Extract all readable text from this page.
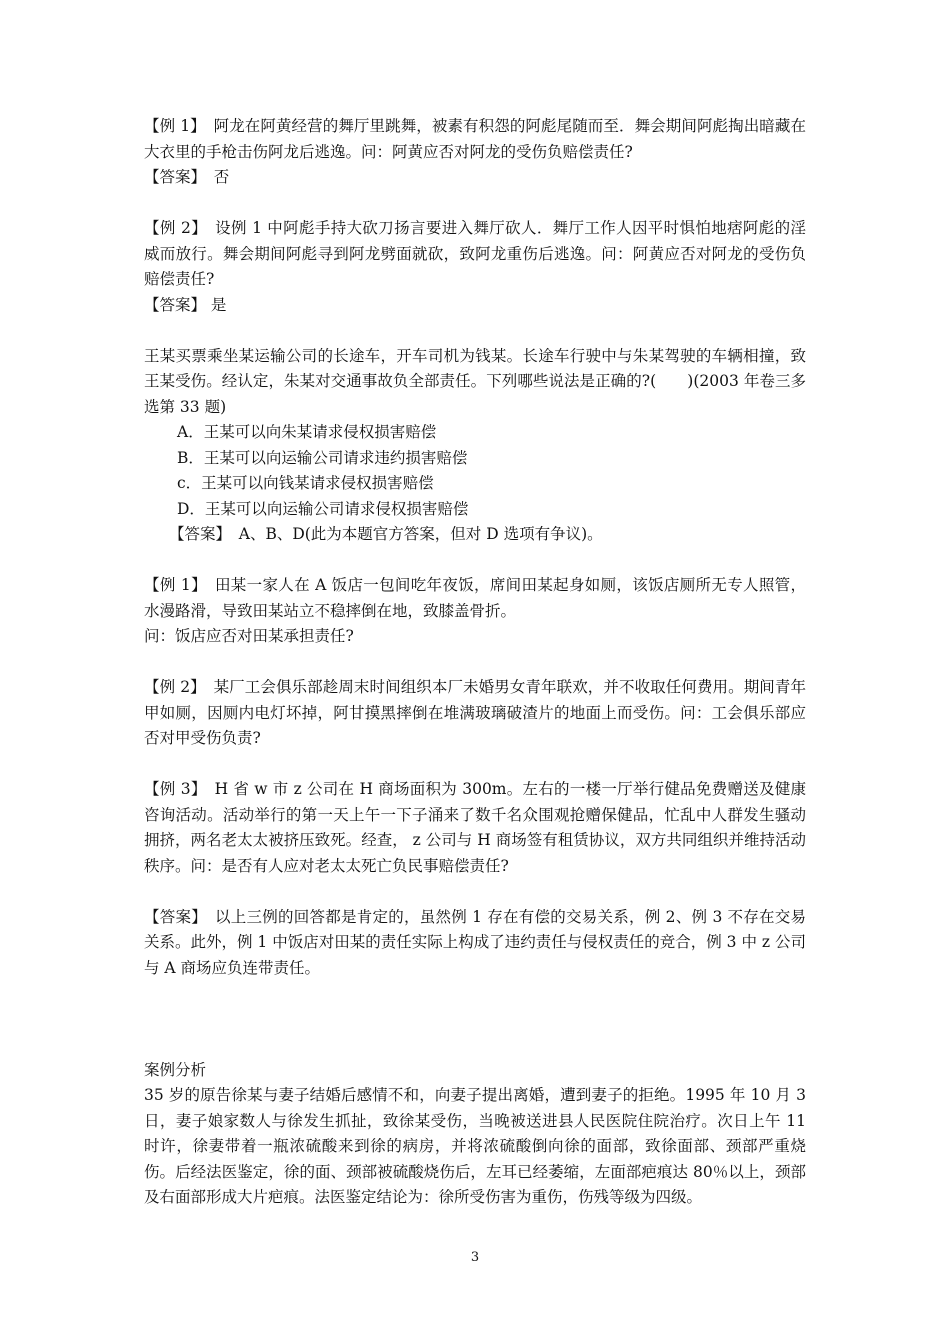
【例 1】　阿龙在阿黄经营的舞厅里跳舞，被素有积怨的阿彪尾随而至．舞会期间阿彪掏出暗藏在大衣里的手枪击伤阿龙后逃逸。问：阿黄应否对阿龙的受伤负赔偿责任?

【答案】　否

【例 2】　设例 1 中阿彪手持大砍刀扬言要进入舞厅砍人．舞厅工作人因平时惧怕地痞阿彪的淫威而放行。舞会期间阿彪寻到阿龙劈面就砍，致阿龙重伤后逃逸。问：阿黄应否对阿龙的受伤负赔偿责任?

【答案】 是

王某买票乘坐某运输公司的长途车，开车司机为钱某。长途车行驶中与朱某驾驶的车辆相撞，致王某受伤。经认定，朱某对交通事故负全部责任。下列哪些说法是正确的?(　　)(2003 年卷三多选第 33 题)

A．王某可以向朱某请求侵权损害赔偿

B．王某可以向运输公司请求违约损害赔偿

c．王某可以向钱某请求侵权损害赔偿

D．王某可以向运输公司请求侵权损害赔偿

【答案】　A、B、D(此为本题官方答案，但对 D 选项有争议)。

【例 1】　田某一家人在 A 饭店一包间吃年夜饭，席间田某起身如厕，该饭店厕所无专人照管，水漫路滑，导致田某站立不稳摔倒在地，致膝盖骨折。

问：饭店应否对田某承担责任?

【例 2】　某厂工会俱乐部趁周末时间组织本厂未婚男女青年联欢，并不收取任何费用。期间青年甲如厕，因厕内电灯坏掉，阿甘摸黑摔倒在堆满玻璃破渣片的地面上而受伤。问：工会俱乐部应否对甲受伤负责?

【例 3】　H 省 w 市 z 公司在 H 商场面积为 300m。左右的一楼一厅举行健品免费赠送及健康咨询活动。活动举行的第一天上午一下子涌来了数千名众围观抢赠保健品，忙乱中人群发生骚动拥挤，两名老太太被挤压致死。经查， z 公司与 H 商场签有租赁协议，双方共同组织并维持活动秩序。问：是否有人应对老太太死亡负民事赔偿责任?

【答案】　以上三例的回答都是肯定的，虽然例 1 存在有偿的交易关系，例 2、例 3 不存在交易关系。此外，例 1 中饭店对田某的责任实际上构成了违约责任与侵权责任的竞合，例 3 中 z 公司与 A 商场应负连带责任。

案例分析

35 岁的原告徐某与妻子结婚后感情不和，向妻子提出离婚，遭到妻子的拒绝。1995 年 10 月 3 日，妻子娘家数人与徐发生抓扯，致徐某受伤，当晚被送进县人民医院住院治疗。次日上午 11 时许，徐妻带着一瓶浓硫酸来到徐的病房，并将浓硫酸倒向徐的面部，致徐面部、颈部严重烧伤。后经法医鉴定，徐的面、颈部被硫酸烧伤后，左耳已经萎缩，左面部疤痕达 80％以上，颈部及右面部形成大片疤痕。法医鉴定结论为：徐所受伤害为重伤，伤残等级为四级。

3
